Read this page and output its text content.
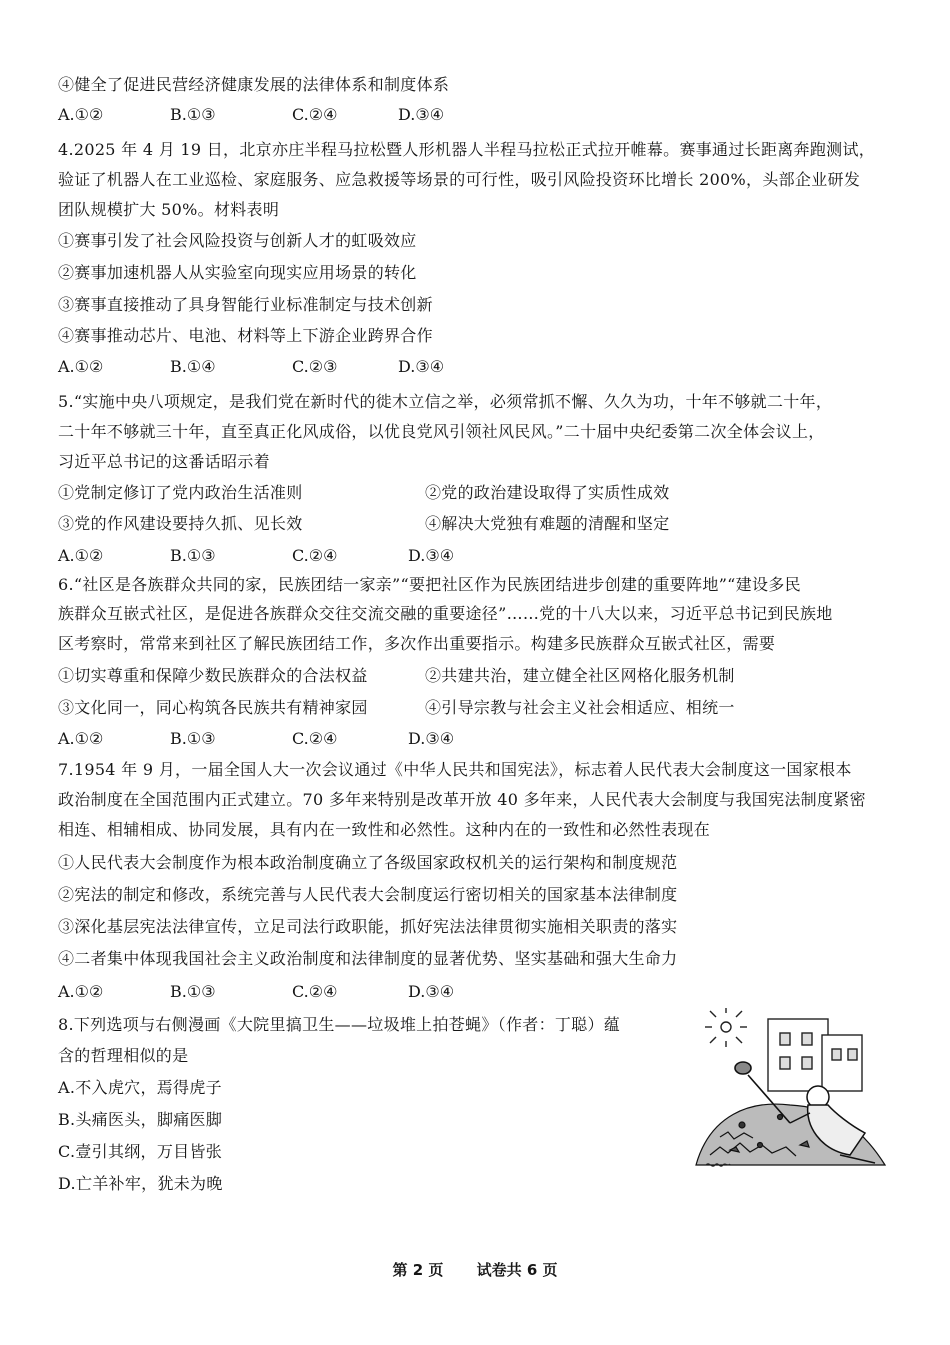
④健全了促进民营经济健康发展的法律体系和制度体系
A.①②	B.①③	C.②④	D.③④
4.2025 年 4 月 19 日，北京亦庄半程马拉松暨人形机器人半程马拉松正式拉开帷幕。赛事通过长距离奔跑测试，
验证了机器人在工业巡检、家庭服务、应急救援等场景的可行性，吸引风险投资环比增长 200%，头部企业研发
团队规模扩大 50%。材料表明
①赛事引发了社会风险投资与创新人才的虹吸效应
②赛事加速机器人从实验室向现实应用场景的转化
③赛事直接推动了具身智能行业标准制定与技术创新
④赛事推动芯片、电池、材料等上下游企业跨界合作
A.①②	B.①④	C.②③	D.③④
5.“实施中央八项规定，是我们党在新时代的徙木立信之举，必须常抓不懈、久久为功，十年不够就二十年，
二十年不够就三十年，直至真正化风成俗，以优良党风引领社风民风。”二十届中央纪委第二次全体会议上，
习近平总书记的这番话昭示着
①党制定修订了党内政治生活准则	②党的政治建设取得了实质性成效
③党的作风建设要持久抓、见长效	④解决大党独有难题的清醒和坚定
A.①②	B.①③	C.②④	D.③④
6.“社区是各族群众共同的家，民族团结一家亲”“要把社区作为民族团结进步创建的重要阵地”“建设多民
族群众互嵌式社区，是促进各族群众交往交流交融的重要途径”……党的十八大以来，习近平总书记到民族地
区考察时，常常来到社区了解民族团结工作，多次作出重要指示。构建多民族群众互嵌式社区，需要
①切实尊重和保障少数民族群众的合法权益	②共建共治，建立健全社区网格化服务机制
③文化同一，同心构筑各民族共有精神家园	④引导宗教与社会主义社会相适应、相统一
A.①②	B.①③	C.②④	D.③④
7.1954 年 9 月，一届全国人大一次会议通过《中华人民共和国宪法》，标志着人民代表大会制度这一国家根本
政治制度在全国范围内正式建立。70 多年来特别是改革开放 40 多年来，人民代表大会制度与我国宪法制度紧密
相连、相辅相成、协同发展，具有内在一致性和必然性。这种内在的一致性和必然性表现在
①人民代表大会制度作为根本政治制度确立了各级国家政权机关的运行架构和制度规范
②宪法的制定和修改，系统完善与人民代表大会制度运行密切相关的国家基本法律制度
③深化基层宪法法律宣传，立足司法行政职能，抓好宪法法律贯彻实施相关职责的落实
④二者集中体现我国社会主义政治制度和法律制度的显著优势、坚实基础和强大生命力
A.①②	B.①③	C.②④	D.③④
8.下列选项与右侧漫画《大院里搞卫生——垃圾堆上拍苍蝇》（作者：丁聪）蕴
含的哲理相似的是
A.不入虎穴，焉得虎子
B.头痛医头，脚痛医脚
C.壹引其纲，万目皆张
D.亡羊补牢，犹未为晚
第 2 页 试卷共 6 页
